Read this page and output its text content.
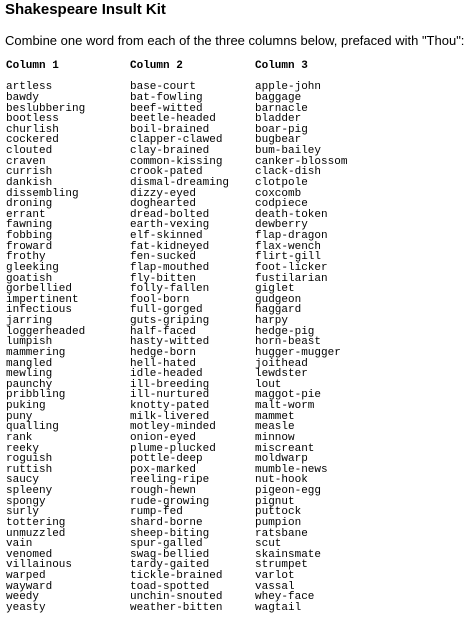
Shakespeare Insult Kit
Combine one word from each of the three columns below, prefaced with "Thou":
Column 1
artless
bawdy
beslubbering
bootless
churlish
cockered
clouted
craven
currish
dankish
dissembling
droning
errant
fawning
fobbing
froward
frothy
gleeking
goatish
gorbellied
impertinent
infectious
jarring
loggerheaded
lumpish
mammering
mangled
mewling
paunchy
pribbling
puking
puny
qualling
rank
reeky
roguish
ruttish
saucy
spleeny
spongy
surly
tottering
unmuzzled
vain
venomed
villainous
warped
wayward
weedy
yeasty
Column 2
base-court
bat-fowling
beef-witted
beetle-headed
boil-brained
clapper-clawed
clay-brained
common-kissing
crook-pated
dismal-dreaming
dizzy-eyed
doghearted
dread-bolted
earth-vexing
elf-skinned
fat-kidneyed
fen-sucked
flap-mouthed
fly-bitten
folly-fallen
fool-born
full-gorged
guts-griping
half-faced
hasty-witted
hedge-born
hell-hated
idle-headed
ill-breeding
ill-nurtured
knotty-pated
milk-livered
motley-minded
onion-eyed
plume-plucked
pottle-deep
pox-marked
reeling-ripe
rough-hewn
rude-growing
rump-fed
shard-borne
sheep-biting
spur-galled
swag-bellied
tardy-gaited
tickle-brained
toad-spotted
unchin-snouted
weather-bitten
Column 3
apple-john
baggage
barnacle
bladder
boar-pig
bugbear
bum-bailey
canker-blossom
clack-dish
clotpole
coxcomb
codpiece
death-token
dewberry
flap-dragon
flax-wench
flirt-gill
foot-licker
fustilarian
giglet
gudgeon
haggard
harpy
hedge-pig
horn-beast
hugger-mugger
joithead
lewdster
lout
maggot-pie
malt-worm
mammet
measle
minnow
miscreant
moldwarp
mumble-news
nut-hook
pigeon-egg
pignut
puttock
pumpion
ratsbane
scut
skainsmate
strumpet
varlot
vassal
whey-face
wagtail
